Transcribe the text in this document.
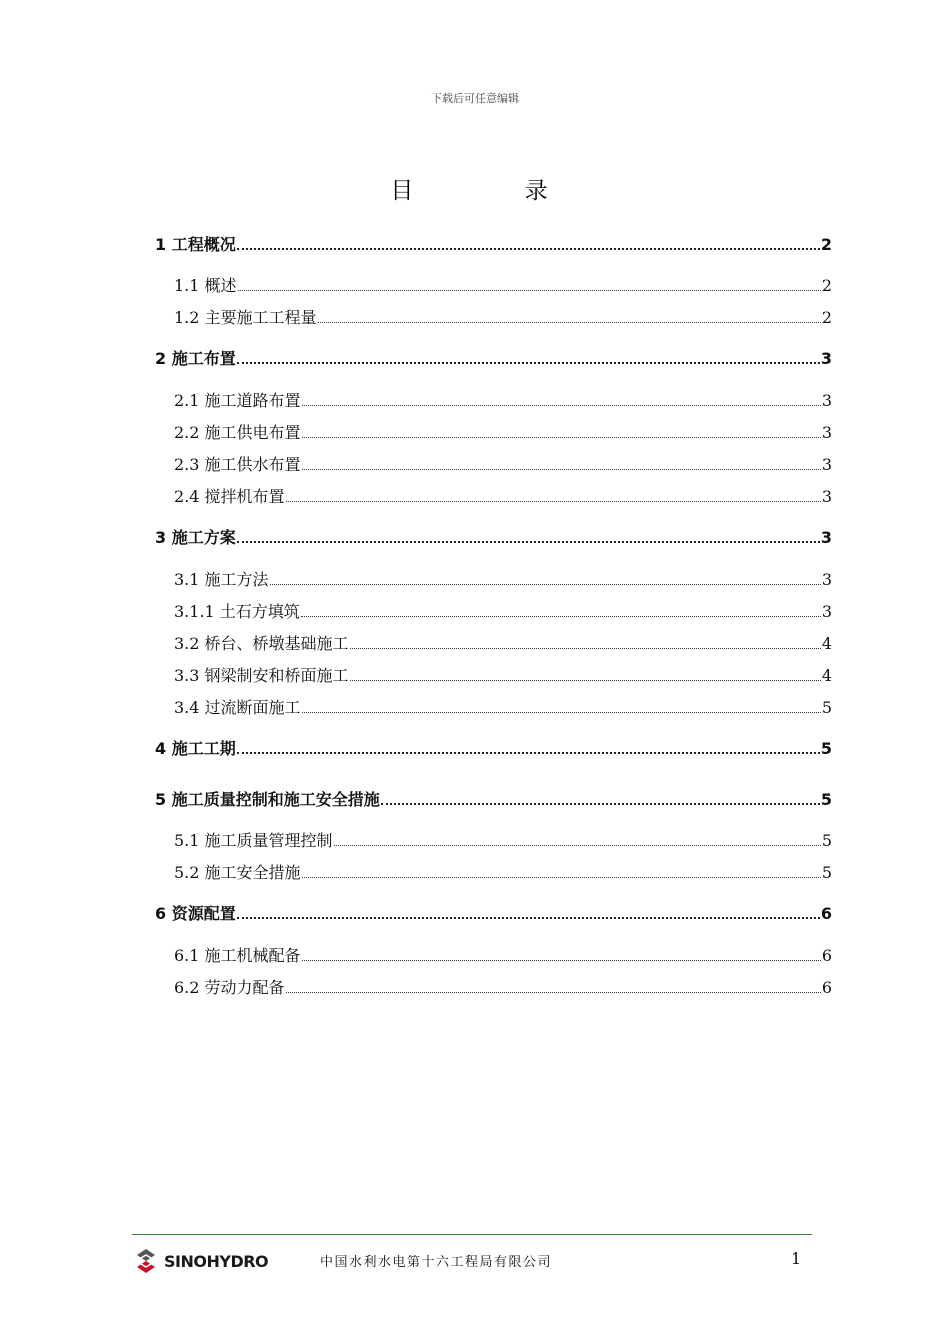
下载后可任意编辑
目 录
1 工程概况	2
1.1 概述	2
1.2 主要施工工程量	2
2 施工布置	3
2.1 施工道路布置	3
2.2 施工供电布置	3
2.3 施工供水布置	3
2.4 搅拌机布置	3
3 施工方案	3
3.1 施工方法	3
3.1.1 土石方填筑	3
3.2 桥台、桥墩基础施工	4
3.3 钢梁制安和桥面施工	4
3.4 过流断面施工	5
4 施工工期	5
5 施工质量控制和施工安全措施	5
5.1 施工质量管理控制	5
5.2 施工安全措施	5
6 资源配置	6
6.1 施工机械配备	6
6.2 劳动力配备	6
SINOHYDRO	中国水利水电第十六工程局有限公司	1
